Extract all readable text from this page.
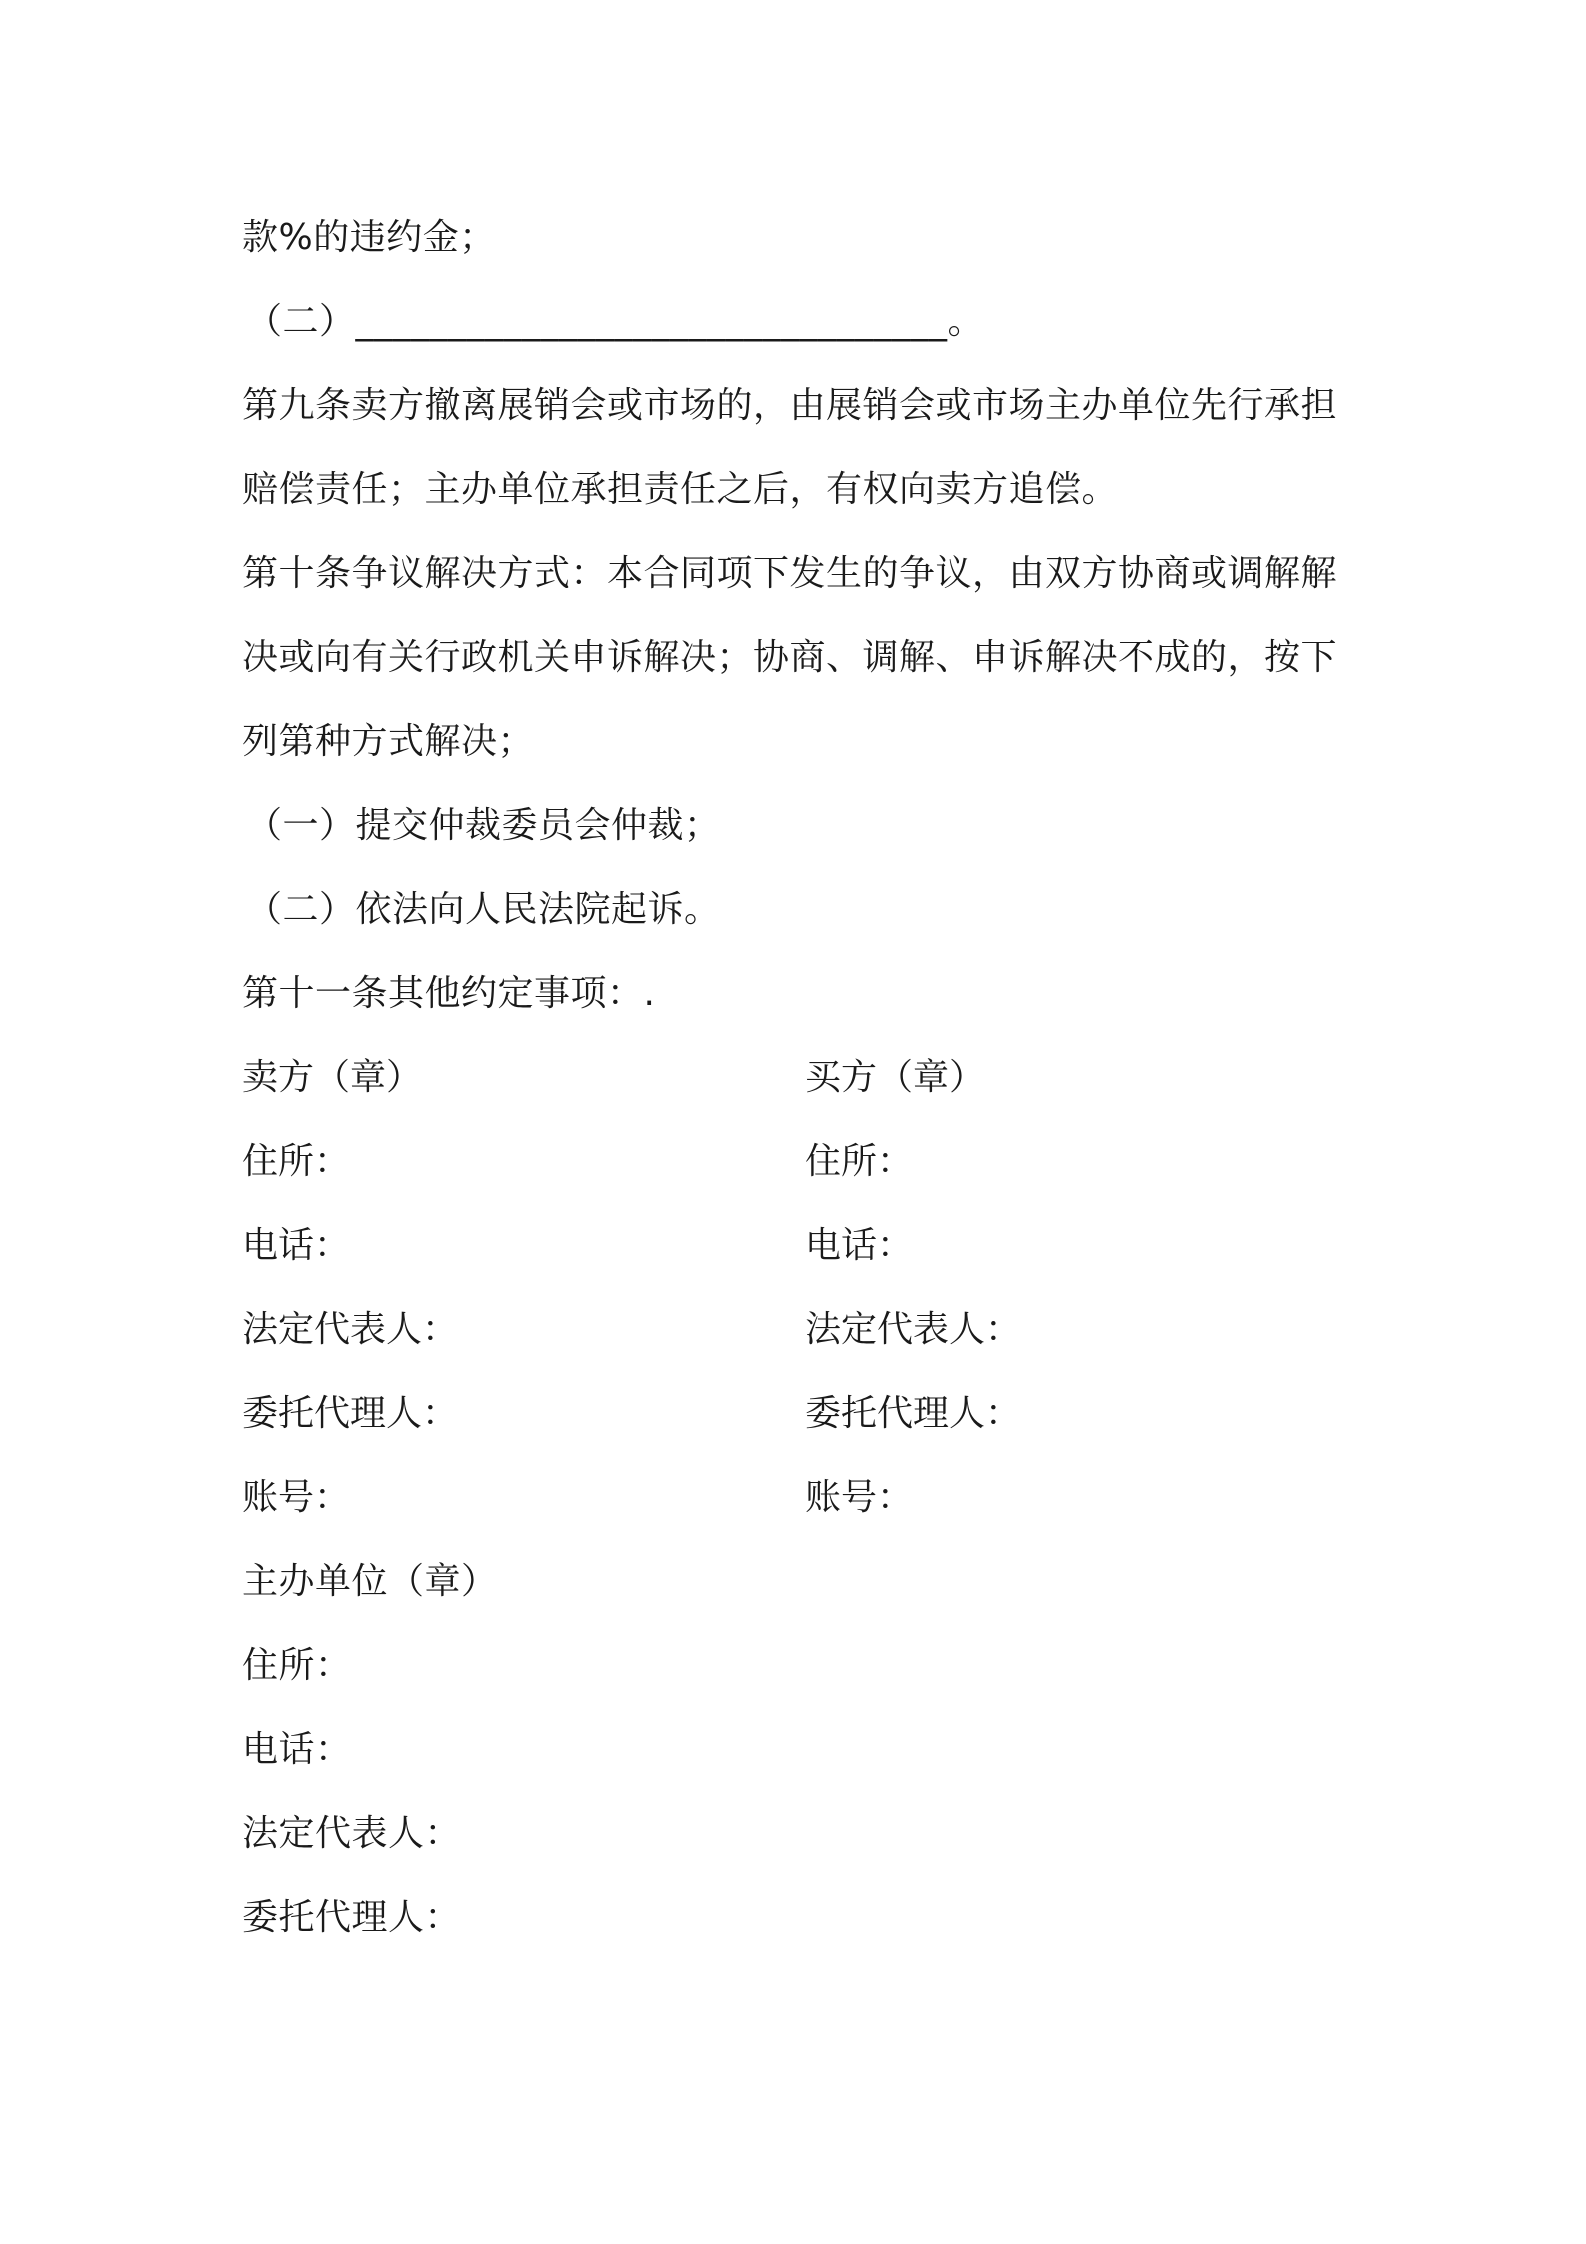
款%的违约金；
（二）________________________________。
第九条卖方撤离展销会或市场的，由展销会或市场主办单位先行承担
赔偿责任；主办单位承担责任之后，有权向卖方追偿。
第十条争议解决方式：本合同项下发生的争议，由双方协商或调解解
决或向有关行政机关申诉解决；协商、调解、申诉解决不成的，按下
列第种方式解决；
（一）提交仲裁委员会仲裁；
（二）依法向人民法院起诉。
第十一条其他约定事项：.
卖方（章）	买方（章）
住所：	住所：
电话：	电话：
法定代表人：	法定代表人：
委托代理人：	委托代理人：
账号：	账号：
主办单位（章）
住所：
电话：
法定代表人：
委托代理人：
